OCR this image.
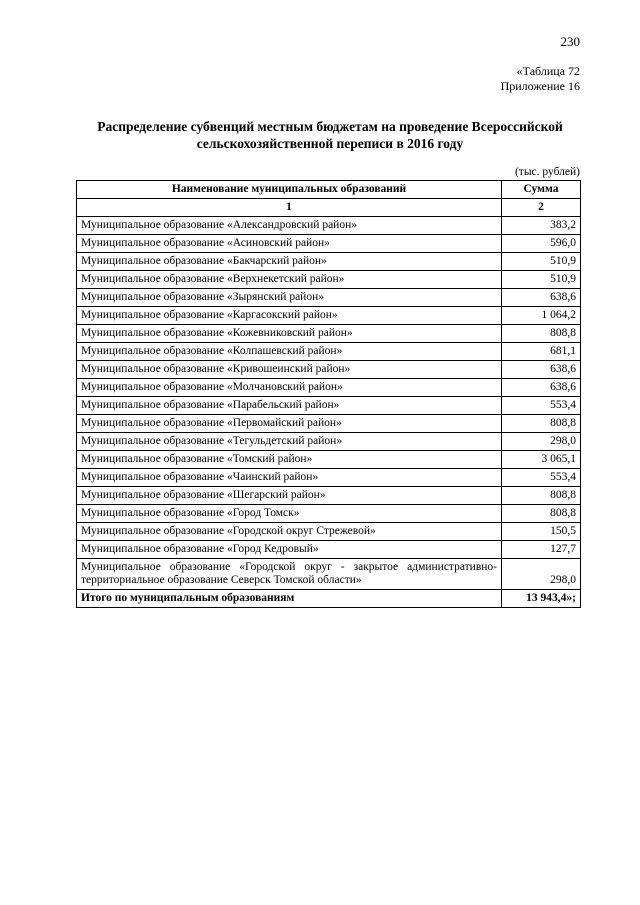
230
«Таблица 72
Приложение 16
Распределение субвенций местным бюджетам на проведение Всероссийской
сельскохозяйственной переписи в 2016 году
(тыс. рублей)
Наименование муниципальных образований	Сумма
1	2
Муниципальное образование «Александровский район»	383,2
Муниципальное образование «Асиновский район»	596,0
Муниципальное образование «Бакчарский район»	510,9
Муниципальное образование «Верхнекетский район»	510,9
Муниципальное образование «Зырянский район»	638,6
Муниципальное образование «Каргасокский район»	1 064,2
Муниципальное образование «Кожевниковский район»	808,8
Муниципальное образование «Колпашевский район»	681,1
Муниципальное образование «Кривошеинский район»	638,6
Муниципальное образование «Молчановский район»	638,6
Муниципальное образование «Парабельский район»	553,4
Муниципальное образование «Первомайский район»	808,8
Муниципальное образование «Тегульдетский район»	298,0
Муниципальное образование «Томский район»	3 065,1
Муниципальное образование «Чаинский район»	553,4
Муниципальное образование «Шегарский район»	808,8
Муниципальное образование «Город Томск»	808,8
Муниципальное образование «Городской округ Стрежевой»	150,5
Муниципальное образование «Город Кедровый»	127,7
Муниципальное образование «Городской округ - закрытое административно-территориальное образование Северск Томской области»	298,0
Итого по муниципальным образованиям	13 943,4»;
